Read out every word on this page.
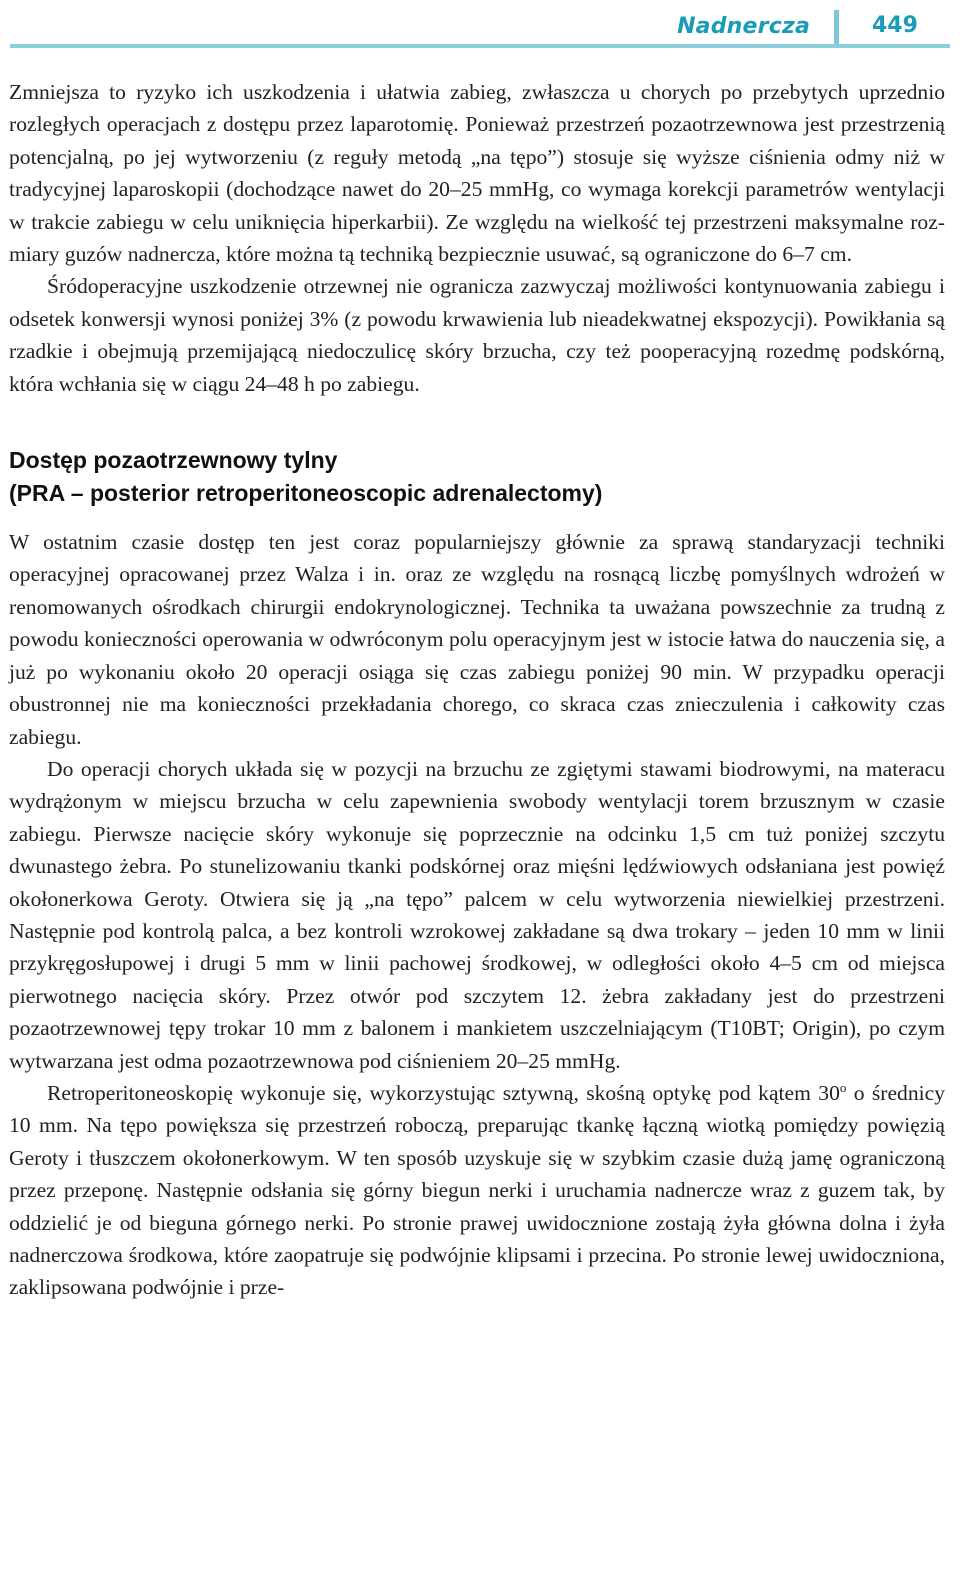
Nadnercza	449

Zmniejsza to ryzyko ich uszkodzenia i ułatwia zabieg, zwłaszcza u chorych po przebytych uprzednio rozległych operacjach z dostępu przez laparotomię. Ponieważ przestrzeń pozaotrzewnowa jest przestrzenią potencjalną, po jej wytworzeniu (z reguły metodą „na tępo”) stosuje się wyższe ciśnienia odmy niż w tradycyjnej laparoskopii (dochodzące nawet do 20–25 mmHg, co wymaga korekcji parametrów wentylacji w trakcie zabiegu w celu uniknięcia hiperkarbii). Ze względu na wielkość tej przestrzeni maksymalne rozmiary guzów nadnercza, które można tą techniką bezpiecznie usuwać, są ograniczone do 6–7 cm.

Śródoperacyjne uszkodzenie otrzewnej nie ogranicza zazwyczaj możliwości kontynuowania zabiegu i odsetek konwersji wynosi poniżej 3% (z powodu krwawienia lub nieadekwatnej ekspozycji). Powikłania są rzadkie i obejmują przemijającą niedoczulicę skóry brzucha, czy też pooperacyjną rozedmę podskórną, która wchłania się w ciągu 24–48 h po zabiegu.

Dostęp pozaotrzewnowy tylny
(PRA – posterior retroperitoneoscopic adrenalectomy)

W ostatnim czasie dostęp ten jest coraz popularniejszy głównie za sprawą standaryzacji techniki operacyjnej opracowanej przez Walza i in. oraz ze względu na rosnącą liczbę pomyślnych wdrożeń w renomowanych ośrodkach chirurgii endokrynologicznej. Technika ta uważana powszechnie za trudną z powodu konieczności operowania w odwróconym polu operacyjnym jest w istocie łatwa do nauczenia się, a już po wykonaniu około 20 operacji osiąga się czas zabiegu poniżej 90 min. W przypadku operacji obustronnej nie ma konieczności przekładania chorego, co skraca czas znieczulenia i całkowity czas zabiegu.

Do operacji chorych układa się w pozycji na brzuchu ze zgiętymi stawami biodrowymi, na materacu wydrążonym w miejscu brzucha w celu zapewnienia swobody wentylacji torem brzusznym w czasie zabiegu. Pierwsze nacięcie skóry wykonuje się poprzecznie na odcinku 1,5 cm tuż poniżej szczytu dwunastego żebra. Po stunelizowaniu tkanki podskórnej oraz mięśni lędźwiowych odsłaniana jest powięź okołonerkowa Geroty. Otwiera się ją „na tępo” palcem w celu wytworzenia niewielkiej przestrzeni. Następnie pod kontrolą palca, a bez kontroli wzrokowej zakładane są dwa trokary – jeden 10 mm w linii przykręgosłupowej i drugi 5 mm w linii pachowej środkowej, w odległości około 4–5 cm od miejsca pierwotnego nacięcia skóry. Przez otwór pod szczytem 12. żebra zakładany jest do przestrzeni pozaotrzewnowej tępy trokar 10 mm z balonem i mankietem uszczelniającym (T10BT; Origin), po czym wytwarzana jest odma pozaotrzewnowa pod ciśnieniem 20–25 mmHg.

Retroperitoneoskopię wykonuje się, wykorzystując sztywną, skośną optykę pod kątem 30$^o$ o średnicy 10 mm. Na tępo powiększa się przestrzeń roboczą, preparując tkankę łączną wiotką pomiędzy powięzią Geroty i tłuszczem okołonerkowym. W ten sposób uzyskuje się w szybkim czasie dużą jamę ograniczoną przez przeponę. Następnie odsłania się górny biegun nerki i uruchamia nadnercze wraz z guzem tak, by oddzielić je od bieguna górnego nerki. Po stronie prawej uwidocznione zostają żyła główna dolna i żyła nadnerczowa środkowa, które zaopatruje się podwójnie klipsami i przecina. Po stronie lewej uwidoczniona, zaklipsowana podwójnie i prze-
